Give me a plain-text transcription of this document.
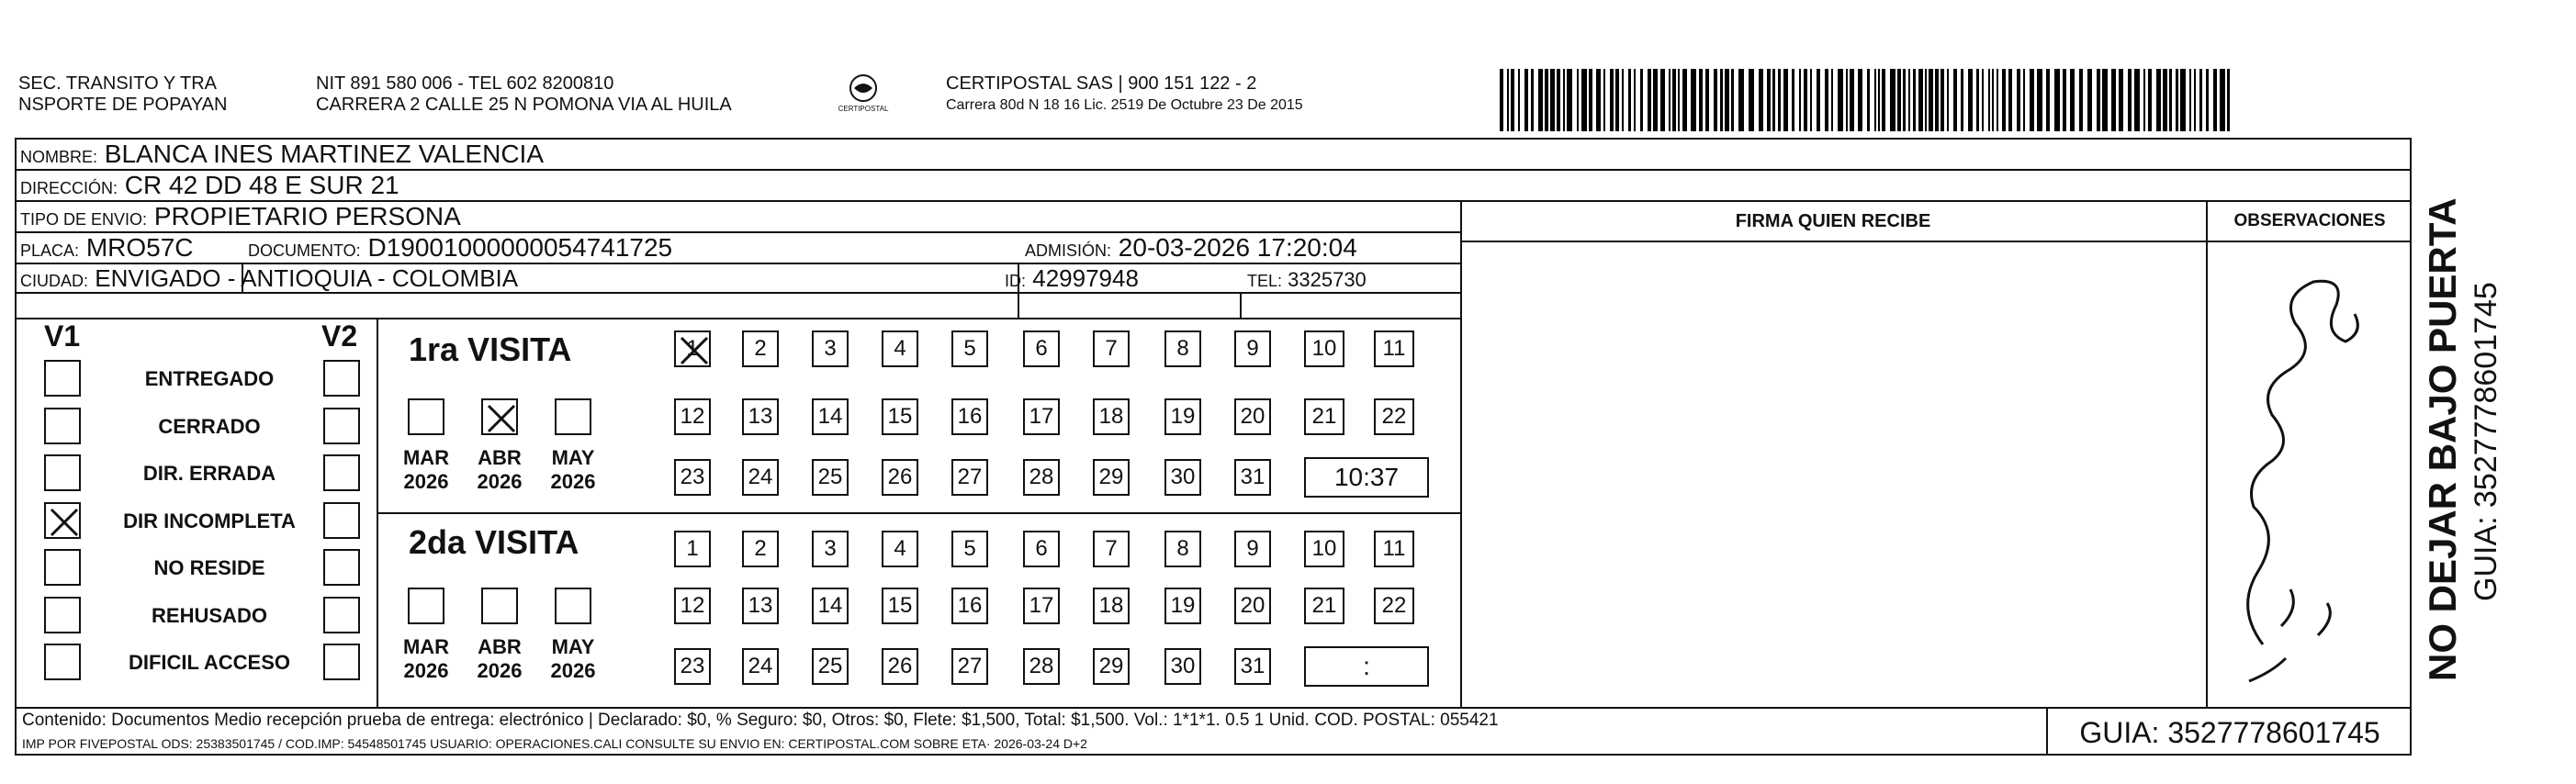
SEC. TRANSITO Y TRA
NSPORTE DE POPAYAN
NIT 891 580 006 - TEL 602 8200810
CARRERA 2 CALLE 25 N POMONA VIA AL HUILA	CERTIPOSTAL
CERTIPOSTAL SAS | 900 151 122 - 2
Carrera 80d N 18 16 Lic. 2519 De Octubre 23 De 2015
NOMBRE: BLANCA INES MARTINEZ VALENCIA
DIRECCIÓN: CR 42 DD 48 E SUR 21
TIPO DE ENVIO: PROPIETARIO PERSONA
PLACA: MRO57C	DOCUMENTO: D19001000000054741725	ADMISIÓN: 20-03-2026 17:20:04
CIUDAD: ENVIGADO - ANTIOQUIA - COLOMBIA	ID: 42997948	TEL: 3325730
FIRMA QUIEN RECIBE	OBSERVACIONES
V1	V2
ENTREGADO
CERRADO
DIR. ERRADA
DIR INCOMPLETA
NO RESIDE
REHUSADO
DIFICIL ACCESO
1ra VISITA
2da VISITA
MAR
2026
ABR
2026
MAY
2026
1	2	3	4	5	6	7	8	9	10	11
12 13 14 15 16 17 18 19 20	21	22
23 24 25 26 27 28 29 30 31	10:37
MAR
2026
ABR
2026
MAY
2026
1	2	3	4	5	6	7	8	9	10	11
12 13 14 15 16 17 18 19 20	21	22
23 24 25 26 27 28 29 30 31	:
Contenido: Documentos Medio recepción prueba de entrega: electrónico | Declarado: $0, % Seguro: $0, Otros: $0, Flete: $1,500, Total: $1,500. Vol.: 1*1*1. 0.5 1 Unid. COD. POSTAL: 055421
IMP POR FIVEPOSTAL ODS: 25383501745 / COD.IMP: 54548501745 USUARIO: OPERACIONES.CALI CONSULTE SU ENVIO EN: CERTIPOSTAL.COM SOBRE ETA· 2026-03-24 D+2	GUIA: 3527778601745
NO DEJAR BAJO PUERTA GUIA: 3527778601745
